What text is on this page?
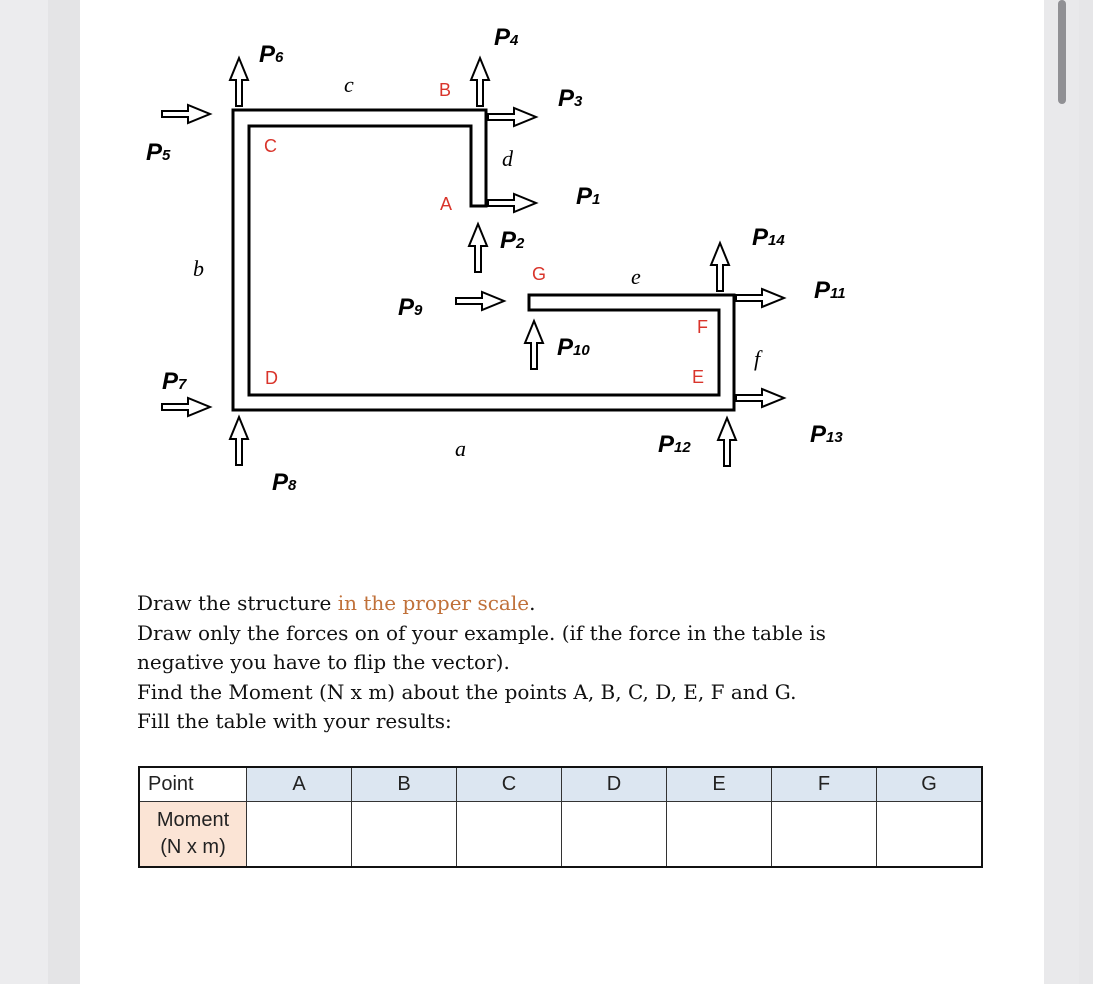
P4
P6
P3
P5
P1
P2	P14
P11
P9
P10
P7
P13
P12
P8
B
C
A
G
F
D	E
c
d
b	e
f
a
Draw the structure in the proper scale.
Draw only the forces on of your example. (if the force in the table is
negative you have to flip the vector).
Find the Moment (N x m) about the points A, B, C, D, E, F and G.
Fill the table with your results:
Point	A	B	C	D	E	F	G
Moment
(N x m)							
